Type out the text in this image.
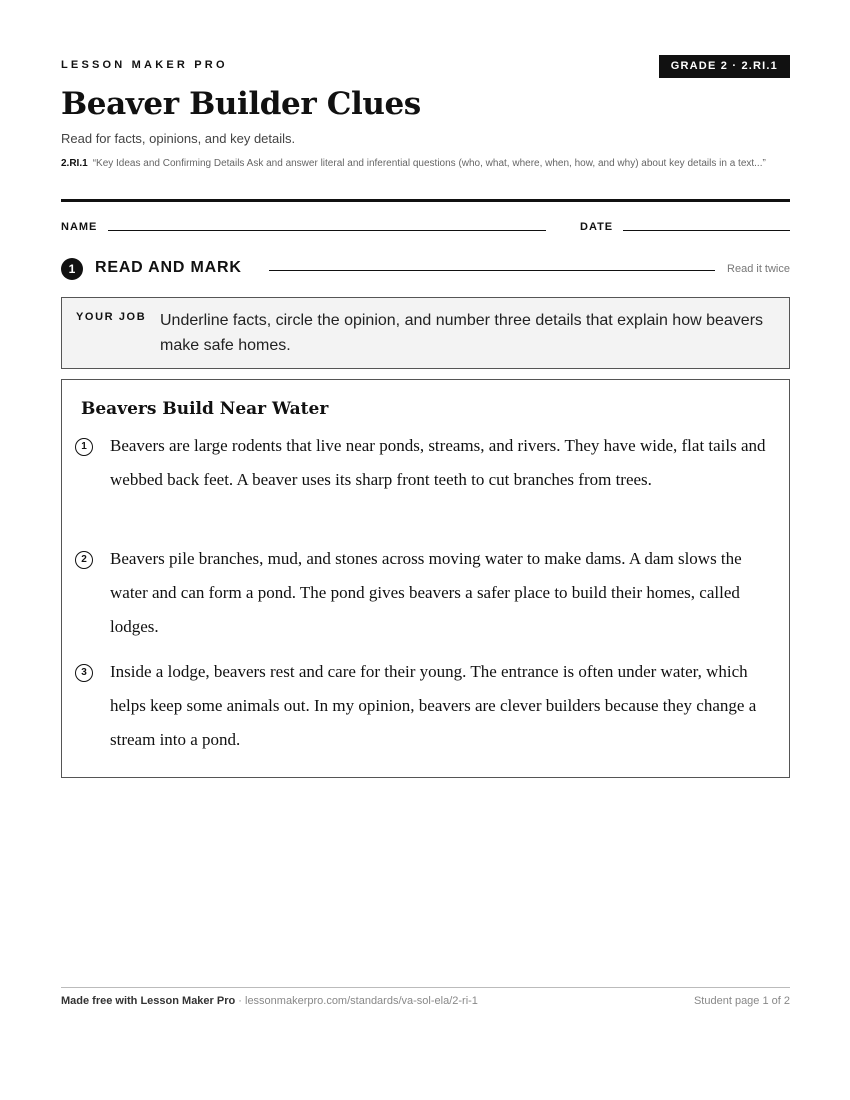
LESSON MAKER PRO	GRADE 2 · 2.RI.1
Beaver Builder Clues
Read for facts, opinions, and key details.
2.RI.1 “Key Ideas and Confirming Details Ask and answer literal and inferential questions (who, what, where, when, how, and why) about key details in a text...”
NAME	DATE
1	READ AND MARK	Read it twice
YOUR JOB Underline facts, circle the opinion, and number three details that explain how beavers make safe homes.
Beavers Build Near Water
1	Beavers are large rodents that live near ponds, streams, and rivers. They have wide, flat tails and webbed back feet. A beaver uses its sharp front teeth to cut branches from trees.
2	Beavers pile branches, mud, and stones across moving water to make dams. A dam slows the water and can form a pond. The pond gives beavers a safer place to build their homes, called lodges.
3	Inside a lodge, beavers rest and care for their young. The entrance is often under water, which helps keep some animals out. In my opinion, beavers are clever builders because they change a stream into a pond.
Made free with Lesson Maker Pro · lessonmakerpro.com/standards/va-sol-ela/2-ri-1	Student page 1 of 2
